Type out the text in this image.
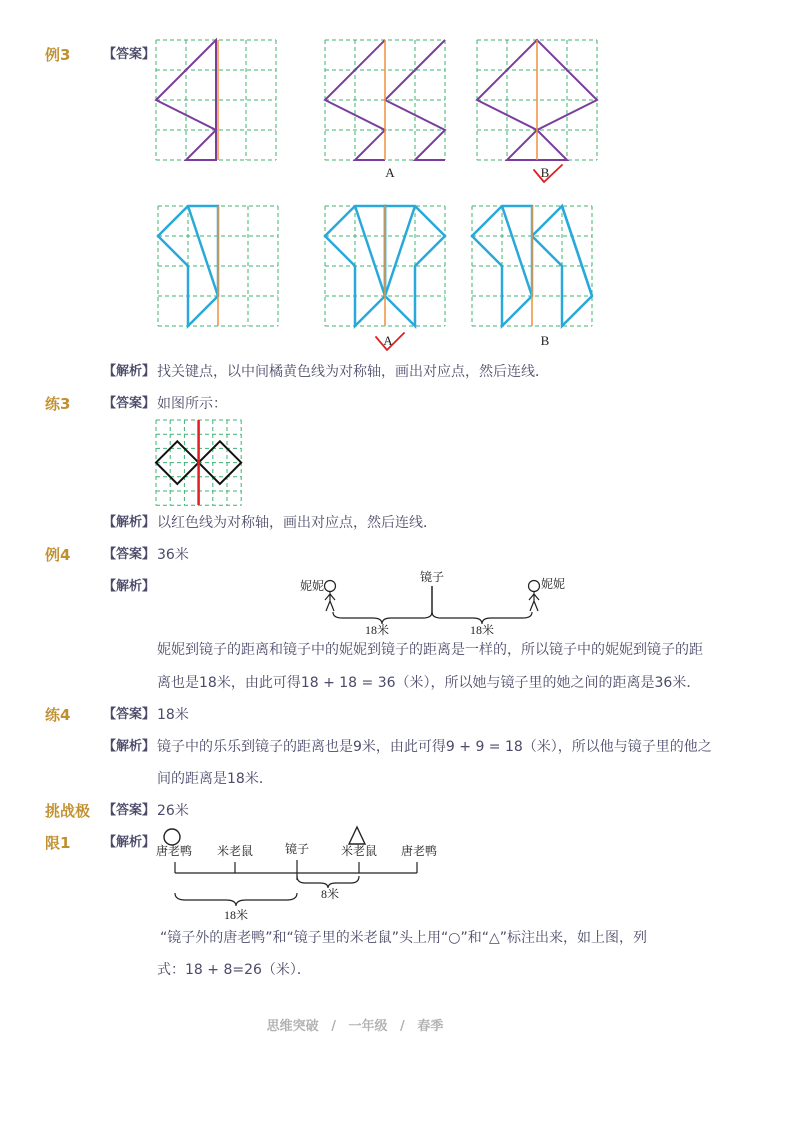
例3	【答案】
【解析】 找关键点，以中间橘黄色线为对称轴，画出对应点，然后连线．
练3	【答案】 如图所示：
【解析】 以红色线为对称轴，画出对应点，然后连线．
例4	【答案】 36米
【解析】
妮妮到镜子的距离和镜子中的妮妮到镜子的距离是一样的，所以镜子中的妮妮到镜子的距
离也是18米，由此可得18 + 18 = 36（米），所以她与镜子里的她之间的距离是36米．
练4	【答案】 18米
【解析】 镜子中的乐乐到镜子的距离也是9米，由此可得9 + 9 = 18（米），所以他与镜子里的他之
间的距离是18米．
挑战极
限1
【答案】 26米
【解析】
“镜子外的唐老鸭”和“镜子里的米老鼠”头上用“○”和“△”标注出来，如上图，列
式：18 + 8=26（米）．
思维突破 / 一年级 / 春季
A	B
A	B
妮妮
镜子	妮妮
18米	18米
唐老鸭 米老鼠	镜子	米老鼠 唐老鸭
8米
18米
